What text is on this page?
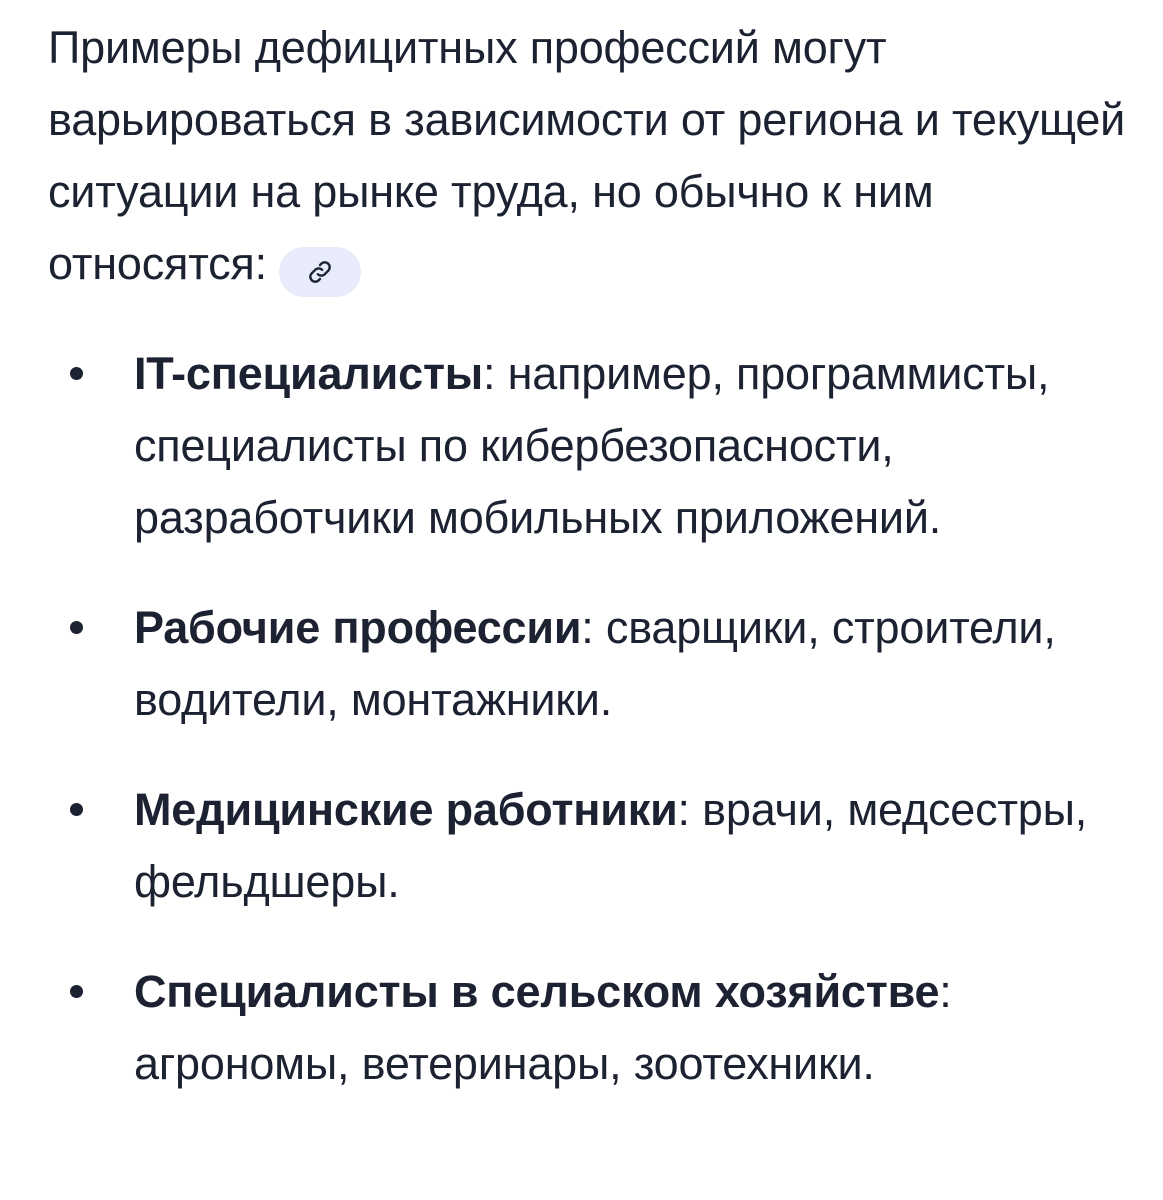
Примеры дефицитных профессий могут варьироваться в зависимости от региона и текущей ситуации на рынке труда, но обычно к ним относятся:

IT-специалисты: например, программисты, специалисты по кибербезопасности, разработчики мобильных приложений.
Рабочие профессии: сварщики, строители, водители, монтажники.
Медицинские работники: врачи, медсестры, фельдшеры.
Специалисты в сельском хозяйстве: агрономы, ветеринары, зоотехники.
